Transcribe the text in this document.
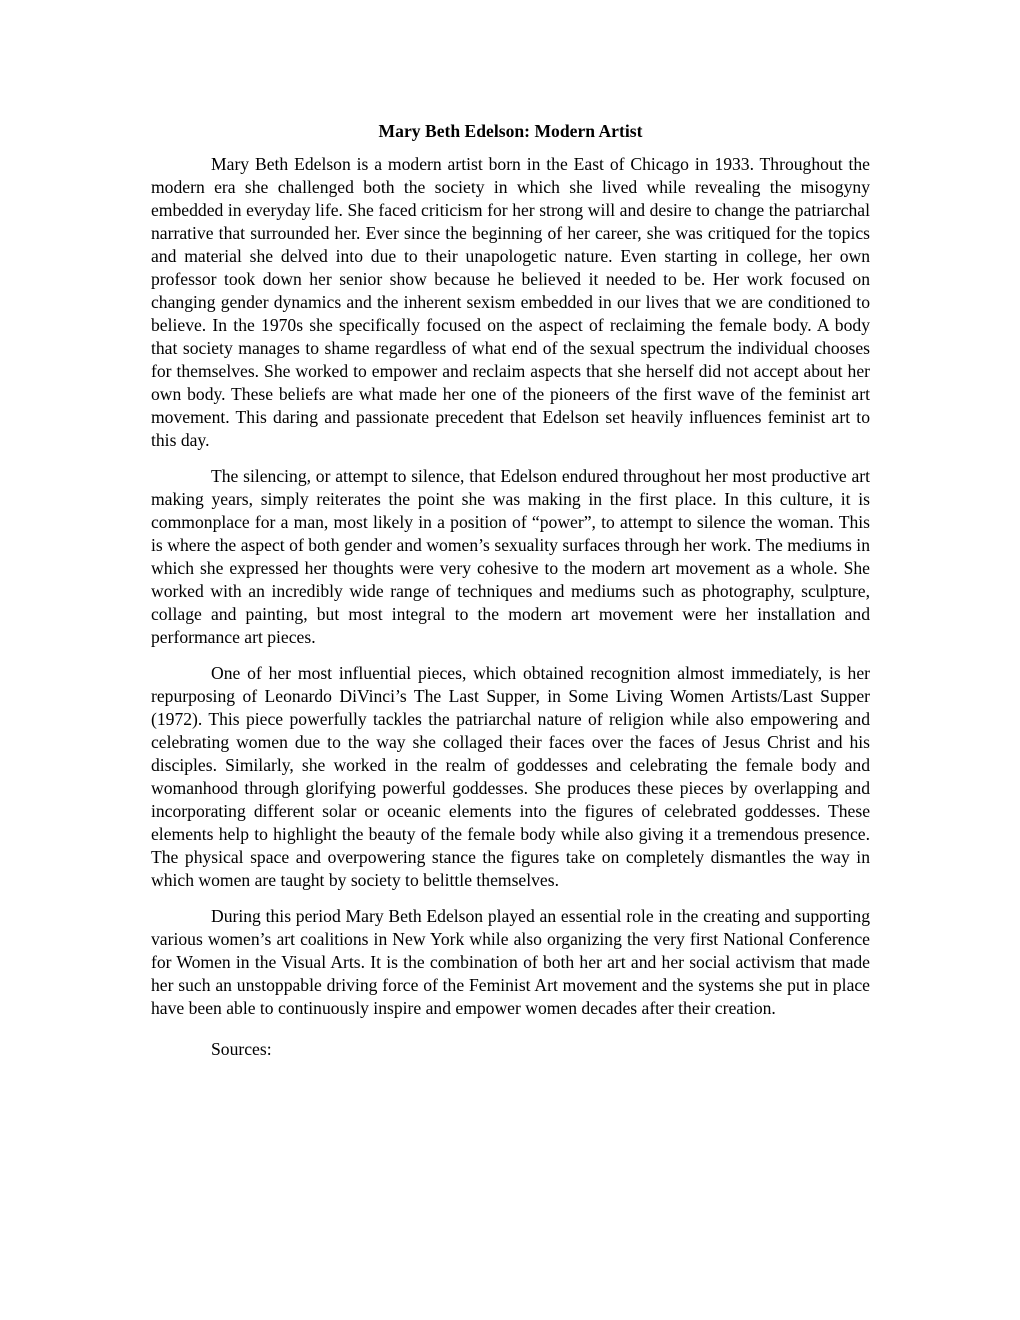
Mary Beth Edelson: Modern Artist

Mary Beth Edelson is a modern artist born in the East of Chicago in 1933. Throughout the modern era she challenged both the society in which she lived while revealing the misogyny embedded in everyday life. She faced criticism for her strong will and desire to change the patriarchal narrative that surrounded her. Ever since the beginning of her career, she was critiqued for the topics and material she delved into due to their unapologetic nature. Even starting in college, her own professor took down her senior show because he believed it needed to be. Her work focused on changing gender dynamics and the inherent sexism embedded in our lives that we are conditioned to believe. In the 1970s she specifically focused on the aspect of reclaiming the female body. A body that society manages to shame regardless of what end of the sexual spectrum the individual chooses for themselves. She worked to empower and reclaim aspects that she herself did not accept about her own body. These beliefs are what made her one of the pioneers of the first wave of the feminist art movement. This daring and passionate precedent that Edelson set heavily influences feminist art to this day.

The silencing, or attempt to silence, that Edelson endured throughout her most productive art making years, simply reiterates the point she was making in the first place. In this culture, it is commonplace for a man, most likely in a position of “power”, to attempt to silence the woman. This is where the aspect of both gender and women’s sexuality surfaces through her work. The mediums in which she expressed her thoughts were very cohesive to the modern art movement as a whole. She worked with an incredibly wide range of techniques and mediums such as photography, sculpture, collage and painting, but most integral to the modern art movement were her installation and performance art pieces.

One of her most influential pieces, which obtained recognition almost immediately, is her repurposing of Leonardo DiVinci’s The Last Supper, in Some Living Women Artists/Last Supper (1972). This piece powerfully tackles the patriarchal nature of religion while also empowering and celebrating women due to the way she collaged their faces over the faces of Jesus Christ and his disciples. Similarly, she worked in the realm of goddesses and celebrating the female body and womanhood through glorifying powerful goddesses. She produces these pieces by overlapping and incorporating different solar or oceanic elements into the figures of celebrated goddesses. These elements help to highlight the beauty of the female body while also giving it a tremendous presence. The physical space and overpowering stance the figures take on completely dismantles the way in which women are taught by society to belittle themselves.

During this period Mary Beth Edelson played an essential role in the creating and supporting various women’s art coalitions in New York while also organizing the very first National Conference for Women in the Visual Arts. It is the combination of both her art and her social activism that made her such an unstoppable driving force of the Feminist Art movement and the systems she put in place have been able to continuously inspire and empower women decades after their creation.

Sources:
